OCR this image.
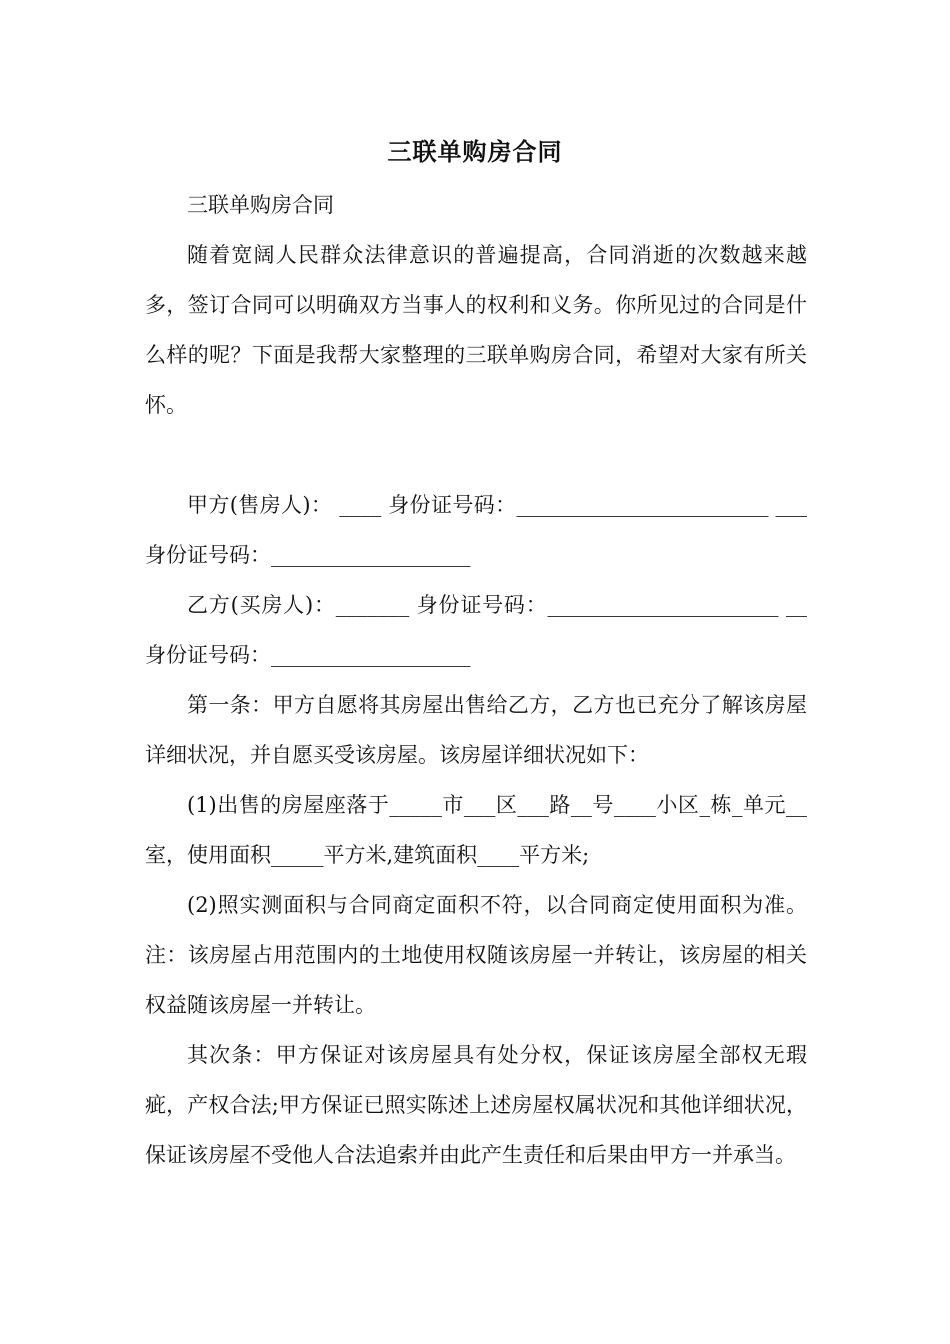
三联单购房合同

三联单购房合同

随着宽阔人民群众法律意识的普遍提高，合同消逝的次数越来越多，签订合同可以明确双方当事人的权利和义务。你所见过的合同是什么样的呢？下面是我帮大家整理的三联单购房合同，希望对大家有所关怀。

甲方(售房人)： ____ 身份证号码：________________________ ___ 身份证号码：___________________

乙方(买房人)：_______ 身份证号码：______________________ __ 身份证号码：___________________

第一条：甲方自愿将其房屋出售给乙方，乙方也已充分了解该房屋详细状况，并自愿买受该房屋。该房屋详细状况如下：

(1)出售的房屋座落于_____市___区___路__号____小区_栋_单元__室，使用面积_____平方米,建筑面积____平方米;

(2)照实测面积与合同商定面积不符，以合同商定使用面积为准。注：该房屋占用范围内的土地使用权随该房屋一并转让，该房屋的相关权益随该房屋一并转让。

其次条：甲方保证对该房屋具有处分权，保证该房屋全部权无瑕疵，产权合法;甲方保证已照实陈述上述房屋权属状况和其他详细状况，保证该房屋不受他人合法追索并由此产生责任和后果由甲方一并承当。
